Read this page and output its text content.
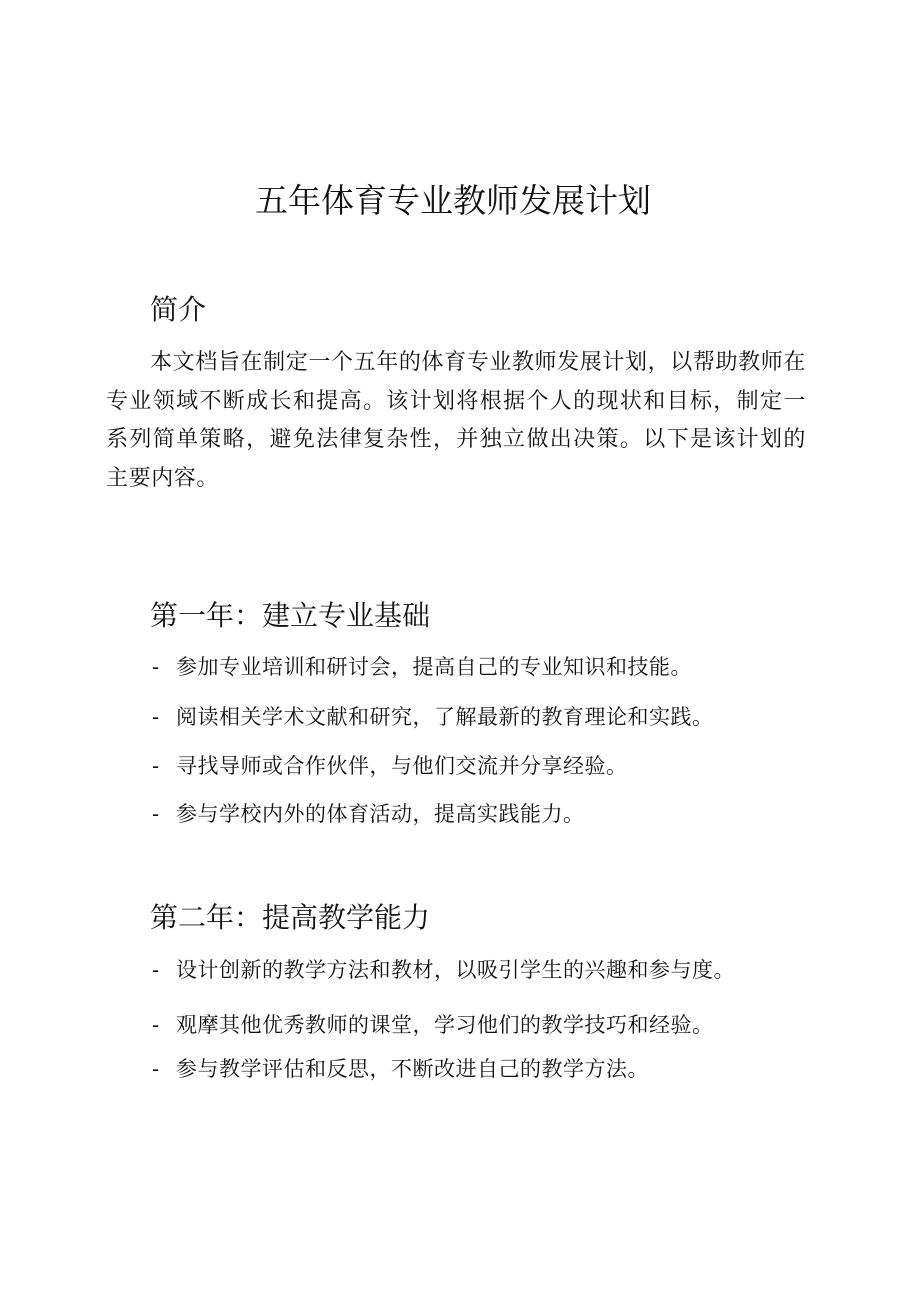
五年体育专业教师发展计划
简介

本文档旨在制定一个五年的体育专业教师发展计划，以帮助教师在专业领域不断成长和提高。该计划将根据个人的现状和目标，制定一系列简单策略，避免法律复杂性，并独立做出决策。以下是该计划的主要内容。

第一年：建立专业基础

- 参加专业培训和研讨会，提高自己的专业知识和技能。

- 阅读相关学术文献和研究，了解最新的教育理论和实践。

- 寻找导师或合作伙伴，与他们交流并分享经验。

- 参与学校内外的体育活动，提高实践能力。

第二年：提高教学能力

- 设计创新的教学方法和教材，以吸引学生的兴趣和参与度。

- 观摩其他优秀教师的课堂，学习他们的教学技巧和经验。

- 参与教学评估和反思，不断改进自己的教学方法。
